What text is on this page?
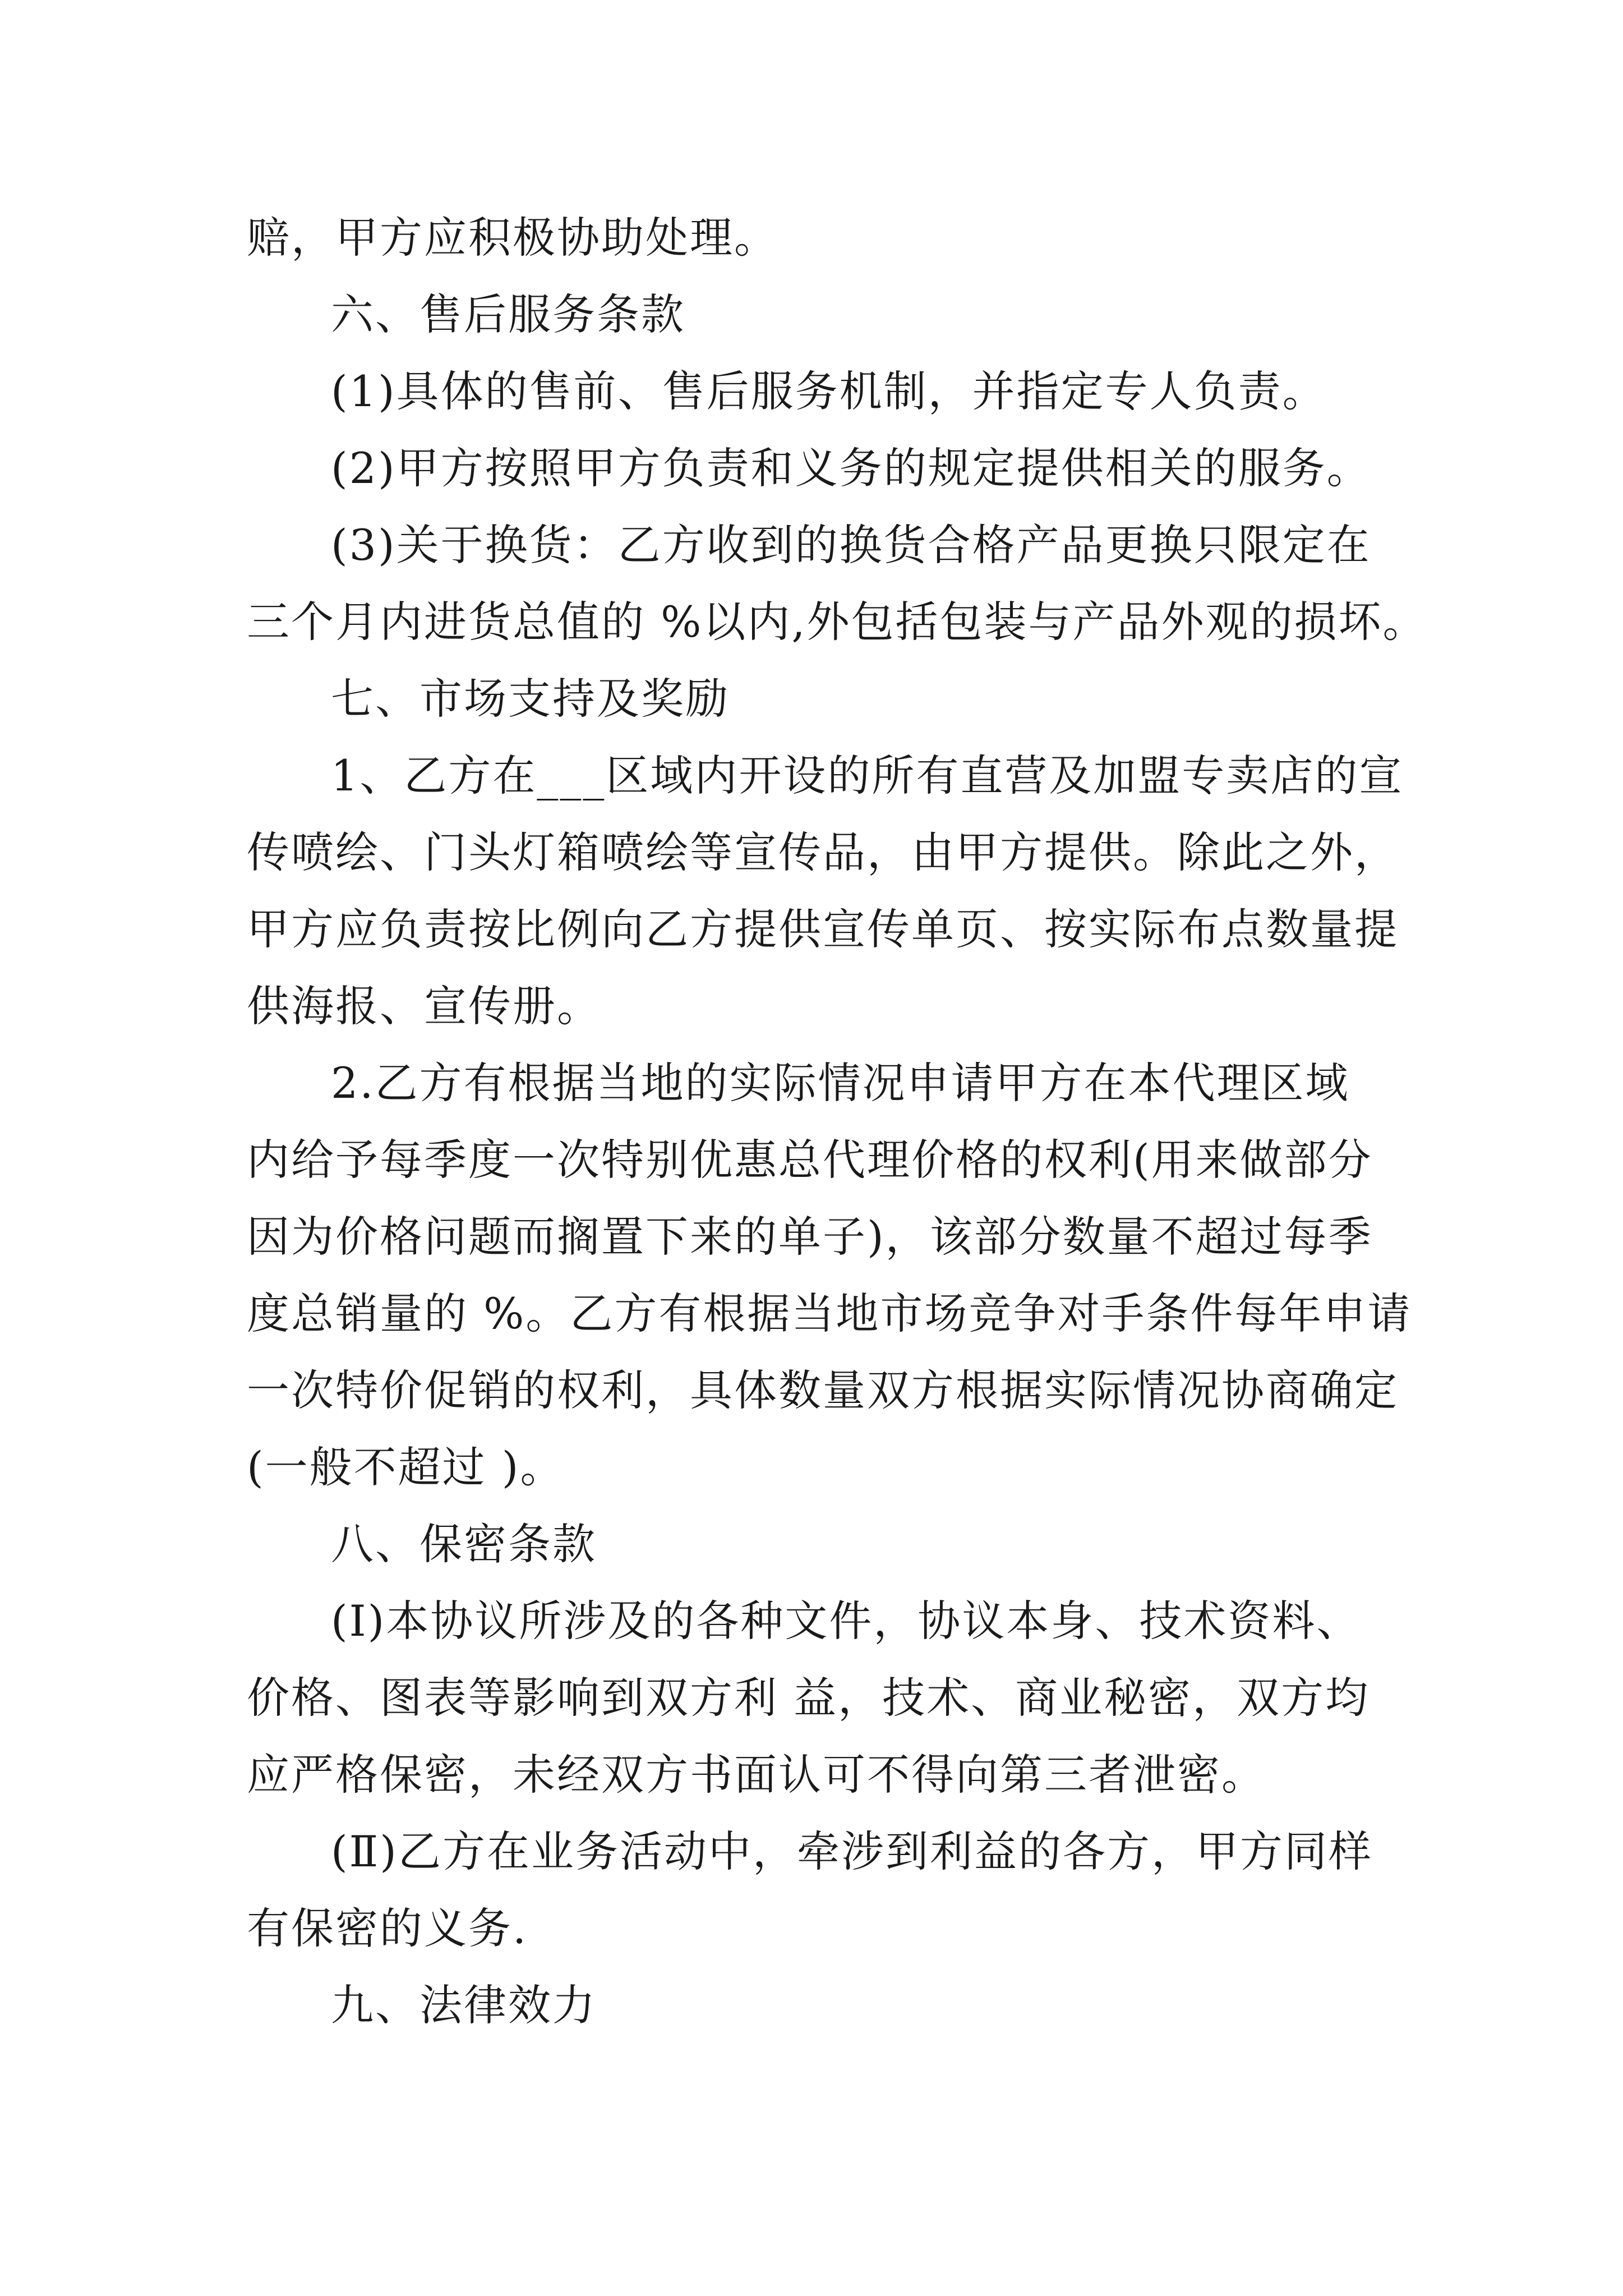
赔，甲方应积极协助处理。
六、售后服务条款
(1)具体的售前、售后服务机制，并指定专人负责。
(2)甲方按照甲方负责和义务的规定提供相关的服务。
(3)关于换货：乙方收到的换货合格产品更换只限定在
三个月内进货总值的 %以内,外包括包装与产品外观的损坏。
七、市场支持及奖励
1、乙方在___区域内开设的所有直营及加盟专卖店的宣
传喷绘、门头灯箱喷绘等宣传品，由甲方提供。除此之外，
甲方应负责按比例向乙方提供宣传单页、按实际布点数量提
供海报、宣传册。
2.乙方有根据当地的实际情况申请甲方在本代理区域
内给予每季度一次特别优惠总代理价格的权利(用来做部分
因为价格问题而搁置下来的单子)，该部分数量不超过每季
度总销量的 %。乙方有根据当地市场竞争对手条件每年申请
一次特价促销的权利，具体数量双方根据实际情况协商确定
(一般不超过 )。
八、保密条款
(Ⅰ)本协议所涉及的各种文件，协议本身、技术资料、
价格、图表等影响到双方利 益，技术、商业秘密，双方均
应严格保密，未经双方书面认可不得向第三者泄密。
(Ⅱ)乙方在业务活动中，牵涉到利益的各方，甲方同样
有保密的义务.
九、法律效力
